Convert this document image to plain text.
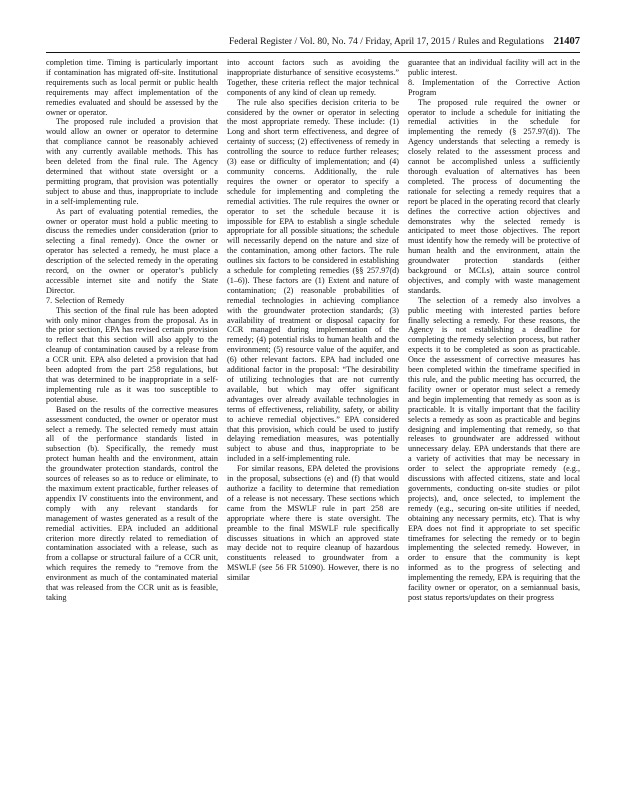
Federal Register / Vol. 80, No. 74 / Friday, April 17, 2015 / Rules and Regulations 21407

completion time. Timing is particularly important if contamination has migrated off-site. Institutional requirements such as local permit or public health requirements may affect implementation of the remedies evaluated and should be assessed by the owner or operator.

The proposed rule included a provision that would allow an owner or operator to determine that compliance cannot be reasonably achieved with any currently available methods. This has been deleted from the final rule. The Agency determined that without state oversight or a permitting program, that provision was potentially subject to abuse and thus, inappropriate to include in a self-implementing rule.

As part of evaluating potential remedies, the owner or operator must hold a public meeting to discuss the remedies under consideration (prior to selecting a final remedy). Once the owner or operator has selected a remedy, he must place a description of the selected remedy in the operating record, on the owner or operator’s publicly accessible internet site and notify the State Director.

7. Selection of Remedy

This section of the final rule has been adopted with only minor changes from the proposal. As in the prior section, EPA has revised certain provision to reflect that this section will also apply to the cleanup of contamination caused by a release from a CCR unit. EPA also deleted a provision that had been adopted from the part 258 regulations, but that was determined to be inappropriate in a self-implementing rule as it was too susceptible to potential abuse.

Based on the results of the corrective measures assessment conducted, the owner or operator must select a remedy. The selected remedy must attain all of the performance standards listed in subsection (b). Specifically, the remedy must protect human health and the environment, attain the groundwater protection standards, control the sources of releases so as to reduce or eliminate, to the maximum extent practicable, further releases of appendix IV constituents into the environment, and comply with any relevant standards for management of wastes generated as a result of the remedial activities. EPA included an additional criterion more directly related to remediation of contamination associated with a release, such as from a collapse or structural failure of a CCR unit, which requires the remedy to “remove from the environment as much of the contaminated material that was released from the CCR unit as is feasible, taking

into account factors such as avoiding the inappropriate disturbance of sensitive ecosystems.” Together, these criteria reflect the major technical components of any kind of clean up remedy.

The rule also specifies decision criteria to be considered by the owner or operator in selecting the most appropriate remedy. These include: (1) Long and short term effectiveness, and degree of certainty of success; (2) effectiveness of remedy in controlling the source to reduce further releases; (3) ease or difficulty of implementation; and (4) community concerns. Additionally, the rule requires the owner or operator to specify a schedule for implementing and completing the remedial activities. The rule requires the owner or operator to set the schedule because it is impossible for EPA to establish a single schedule appropriate for all possible situations; the schedule will necessarily depend on the nature and size of the contamination, among other factors. The rule outlines six factors to be considered in establishing a schedule for completing remedies (§§ 257.97(d)(1–6)). These factors are (1) Extent and nature of contamination; (2) reasonable probabilities of remedial technologies in achieving compliance with the groundwater protection standards; (3) availability of treatment or disposal capacity for CCR managed during implementation of the remedy; (4) potential risks to human health and the environment; (5) resource value of the aquifer, and (6) other relevant factors. EPA had included one additional factor in the proposal: “The desirability of utilizing technologies that are not currently available, but which may offer significant advantages over already available technologies in terms of effectiveness, reliability, safety, or ability to achieve remedial objectives.” EPA considered that this provision, which could be used to justify delaying remediation measures, was potentially subject to abuse and thus, inappropriate to be included in a self-implementing rule.

For similar reasons, EPA deleted the provisions in the proposal, subsections (e) and (f) that would authorize a facility to determine that remediation of a release is not necessary. These sections which came from the MSWLF rule in part 258 are appropriate where there is state oversight. The preamble to the final MSWLF rule specifically discusses situations in which an approved state may decide not to require cleanup of hazardous constituents released to groundwater from a MSWLF (see 56 FR 51090). However, there is no similar

guarantee that an individual facility will act in the public interest.

8. Implementation of the Corrective Action Program

The proposed rule required the owner or operator to include a schedule for initiating the remedial activities in the schedule for implementing the remedy (§ 257.97(d)). The Agency understands that selecting a remedy is closely related to the assessment process and cannot be accomplished unless a sufficiently thorough evaluation of alternatives has been completed. The process of documenting the rationale for selecting a remedy requires that a report be placed in the operating record that clearly defines the corrective action objectives and demonstrates why the selected remedy is anticipated to meet those objectives. The report must identify how the remedy will be protective of human health and the environment, attain the groundwater protection standards (either background or MCLs), attain source control objectives, and comply with waste management standards.

The selection of a remedy also involves a public meeting with interested parties before finally selecting a remedy. For these reasons, the Agency is not establishing a deadline for completing the remedy selection process, but rather expects it to be completed as soon as practicable. Once the assessment of corrective measures has been completed within the timeframe specified in this rule, and the public meeting has occurred, the facility owner or operator must select a remedy and begin implementing that remedy as soon as is practicable. It is vitally important that the facility selects a remedy as soon as practicable and begins designing and implementing that remedy, so that releases to groundwater are addressed without unnecessary delay. EPA understands that there are a variety of activities that may be necessary in order to select the appropriate remedy (e.g., discussions with affected citizens, state and local governments, conducting on-site studies or pilot projects), and, once selected, to implement the remedy (e.g., securing on-site utilities if needed, obtaining any necessary permits, etc). That is why EPA does not find it appropriate to set specific timeframes for selecting the remedy or to begin implementing the selected remedy. However, in order to ensure that the community is kept informed as to the progress of selecting and implementing the remedy, EPA is requiring that the facility owner or operator, on a semiannual basis, post status reports/updates on their progress
